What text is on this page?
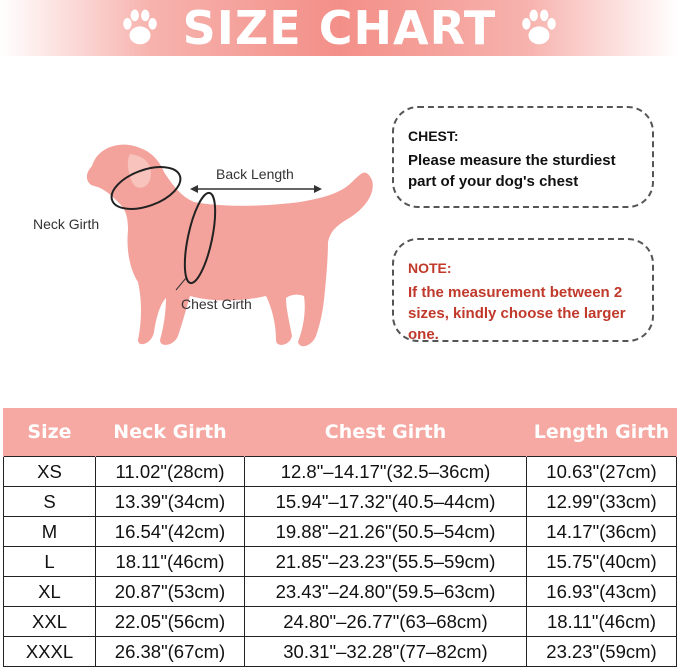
SIZE CHART
Back Length
Neck Girth
Chest Girth
CHEST:
Please measure the sturdiest part of your dog's chest
NOTE:
If the measurement between 2 sizes, kindly choose the larger one.
Size	Neck Girth	Chest Girth	Length Girth
XS	11.02"(28cm)	12.8"–14.17"(32.5–36cm)	10.63"(27cm)
S	13.39"(34cm)	15.94"–17.32"(40.5–44cm)	12.99"(33cm)
M	16.54"(42cm)	19.88"–21.26"(50.5–54cm)	14.17"(36cm)
L	18.11"(46cm)	21.85"–23.23"(55.5–59cm)	15.75"(40cm)
XL	20.87"(53cm)	23.43"–24.80"(59.5–63cm)	16.93"(43cm)
XXL	22.05"(56cm)	24.80"–26.77"(63–68cm)	18.11"(46cm)
XXXL	26.38"(67cm)	30.31"–32.28"(77–82cm)	23.23"(59cm)
